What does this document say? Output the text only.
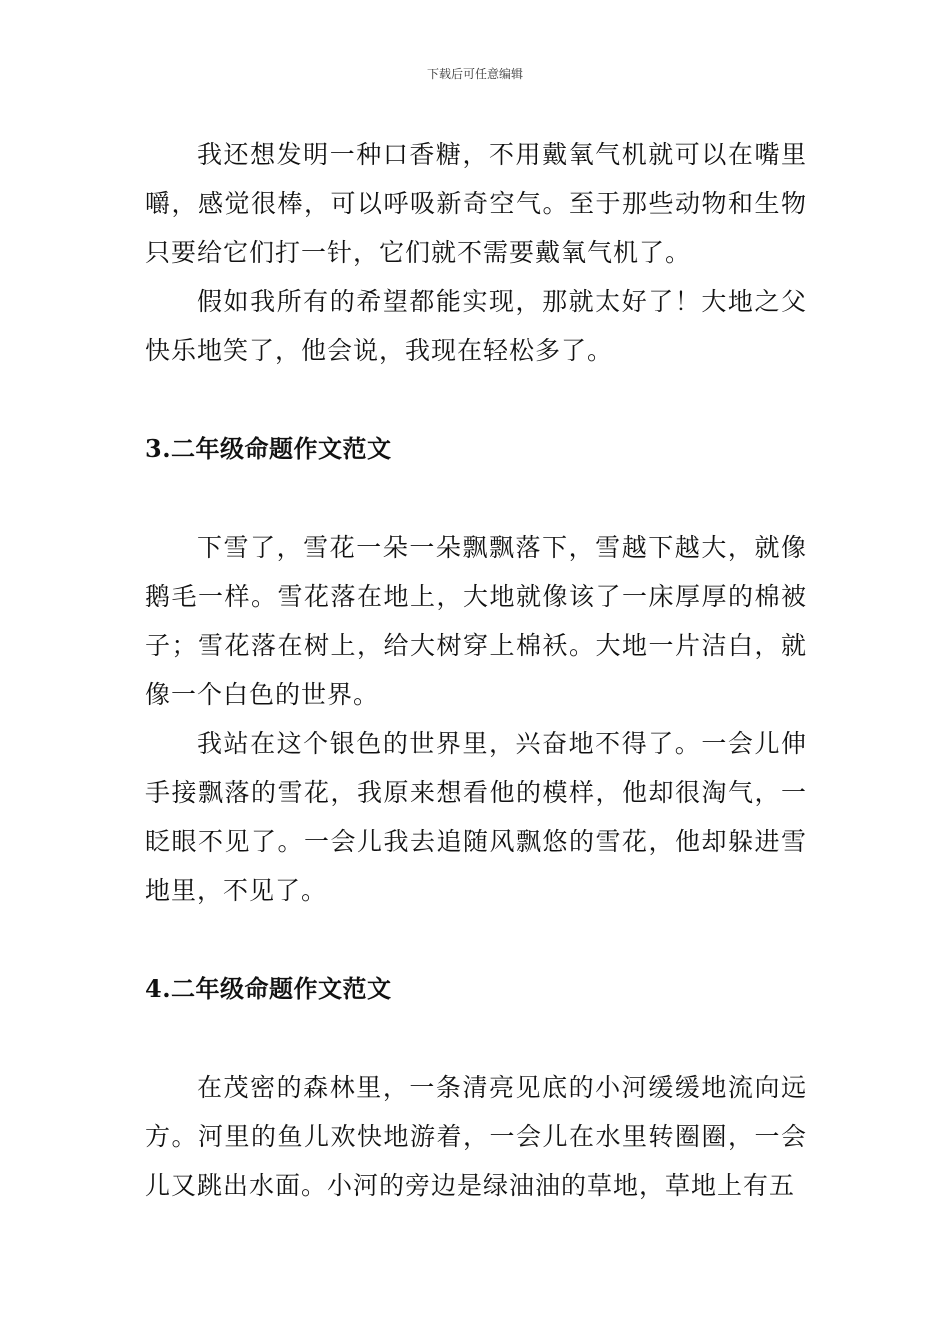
下载后可任意编辑

我还想发明一种口香糖，不用戴氧气机就可以在嘴里嚼，感觉很棒，可以呼吸新奇空气。至于那些动物和生物只要给它们打一针，它们就不需要戴氧气机了。

假如我所有的希望都能实现，那就太好了！大地之父快乐地笑了，他会说，我现在轻松多了。

3.二年级命题作文范文

下雪了，雪花一朵一朵飘飘落下，雪越下越大，就像鹅毛一样。雪花落在地上，大地就像该了一床厚厚的棉被子；雪花落在树上，给大树穿上棉袄。大地一片洁白，就像一个白色的世界。

我站在这个银色的世界里，兴奋地不得了。一会儿伸手接飘落的雪花，我原来想看他的模样，他却很淘气，一眨眼不见了。一会儿我去追随风飘悠的雪花，他却躲进雪地里，不见了。

4.二年级命题作文范文

在茂密的森林里，一条清亮见底的小河缓缓地流向远方。河里的鱼儿欢快地游着，一会儿在水里转圈圈，一会儿又跳出水面。小河的旁边是绿油油的草地，草地上有五
